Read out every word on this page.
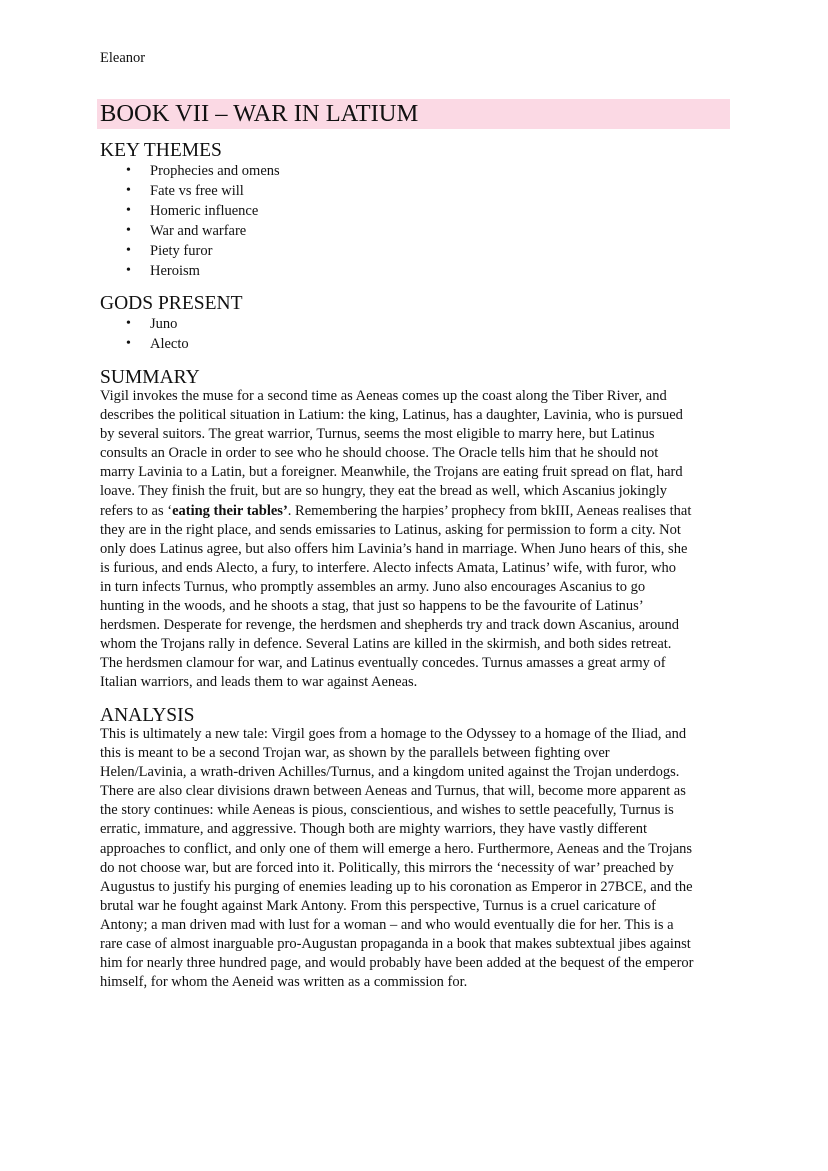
Eleanor
BOOK VII – WAR IN LATIUM
KEY THEMES
• Prophecies and omens
• Fate vs free will
• Homeric influence
• War and warfare
• Piety furor
• Heroism
GODS PRESENT
• Juno
• Alecto
SUMMARY
Vigil invokes the muse for a second time as Aeneas comes up the coast along the Tiber River, and
describes the political situation in Latium: the king, Latinus, has a daughter, Lavinia, who is pursued
by several suitors. The great warrior, Turnus, seems the most eligible to marry here, but Latinus
consults an Oracle in order to see who he should choose. The Oracle tells him that he should not
marry Lavinia to a Latin, but a foreigner. Meanwhile, the Trojans are eating fruit spread on flat, hard
loave. They finish the fruit, but are so hungry, they eat the bread as well, which Ascanius jokingly
refers to as ‘eating their tables’. Remembering the harpies’ prophecy from bkIII, Aeneas realises that
they are in the right place, and sends emissaries to Latinus, asking for permission to form a city. Not
only does Latinus agree, but also offers him Lavinia’s hand in marriage. When Juno hears of this, she
is furious, and ends Alecto, a fury, to interfere. Alecto infects Amata, Latinus’ wife, with furor, who
in turn infects Turnus, who promptly assembles an army. Juno also encourages Ascanius to go
hunting in the woods, and he shoots a stag, that just so happens to be the favourite of Latinus’
herdsmen. Desperate for revenge, the herdsmen and shepherds try and track down Ascanius, around
whom the Trojans rally in defence. Several Latins are killed in the skirmish, and both sides retreat.
The herdsmen clamour for war, and Latinus eventually concedes. Turnus amasses a great army of
Italian warriors, and leads them to war against Aeneas.
ANALYSIS
This is ultimately a new tale: Virgil goes from a homage to the Odyssey to a homage of the Iliad, and
this is meant to be a second Trojan war, as shown by the parallels between fighting over
Helen/Lavinia, a wrath-driven Achilles/Turnus, and a kingdom united against the Trojan underdogs.
There are also clear divisions drawn between Aeneas and Turnus, that will, become more apparent as
the story continues: while Aeneas is pious, conscientious, and wishes to settle peacefully, Turnus is
erratic, immature, and aggressive. Though both are mighty warriors, they have vastly different
approaches to conflict, and only one of them will emerge a hero. Furthermore, Aeneas and the Trojans
do not choose war, but are forced into it. Politically, this mirrors the ‘necessity of war’ preached by
Augustus to justify his purging of enemies leading up to his coronation as Emperor in 27BCE, and the
brutal war he fought against Mark Antony. From this perspective, Turnus is a cruel caricature of
Antony; a man driven mad with lust for a woman – and who would eventually die for her. This is a
rare case of almost inarguable pro-Augustan propaganda in a book that makes subtextual jibes against
him for nearly three hundred page, and would probably have been added at the bequest of the emperor
himself, for whom the Aeneid was written as a commission for.
